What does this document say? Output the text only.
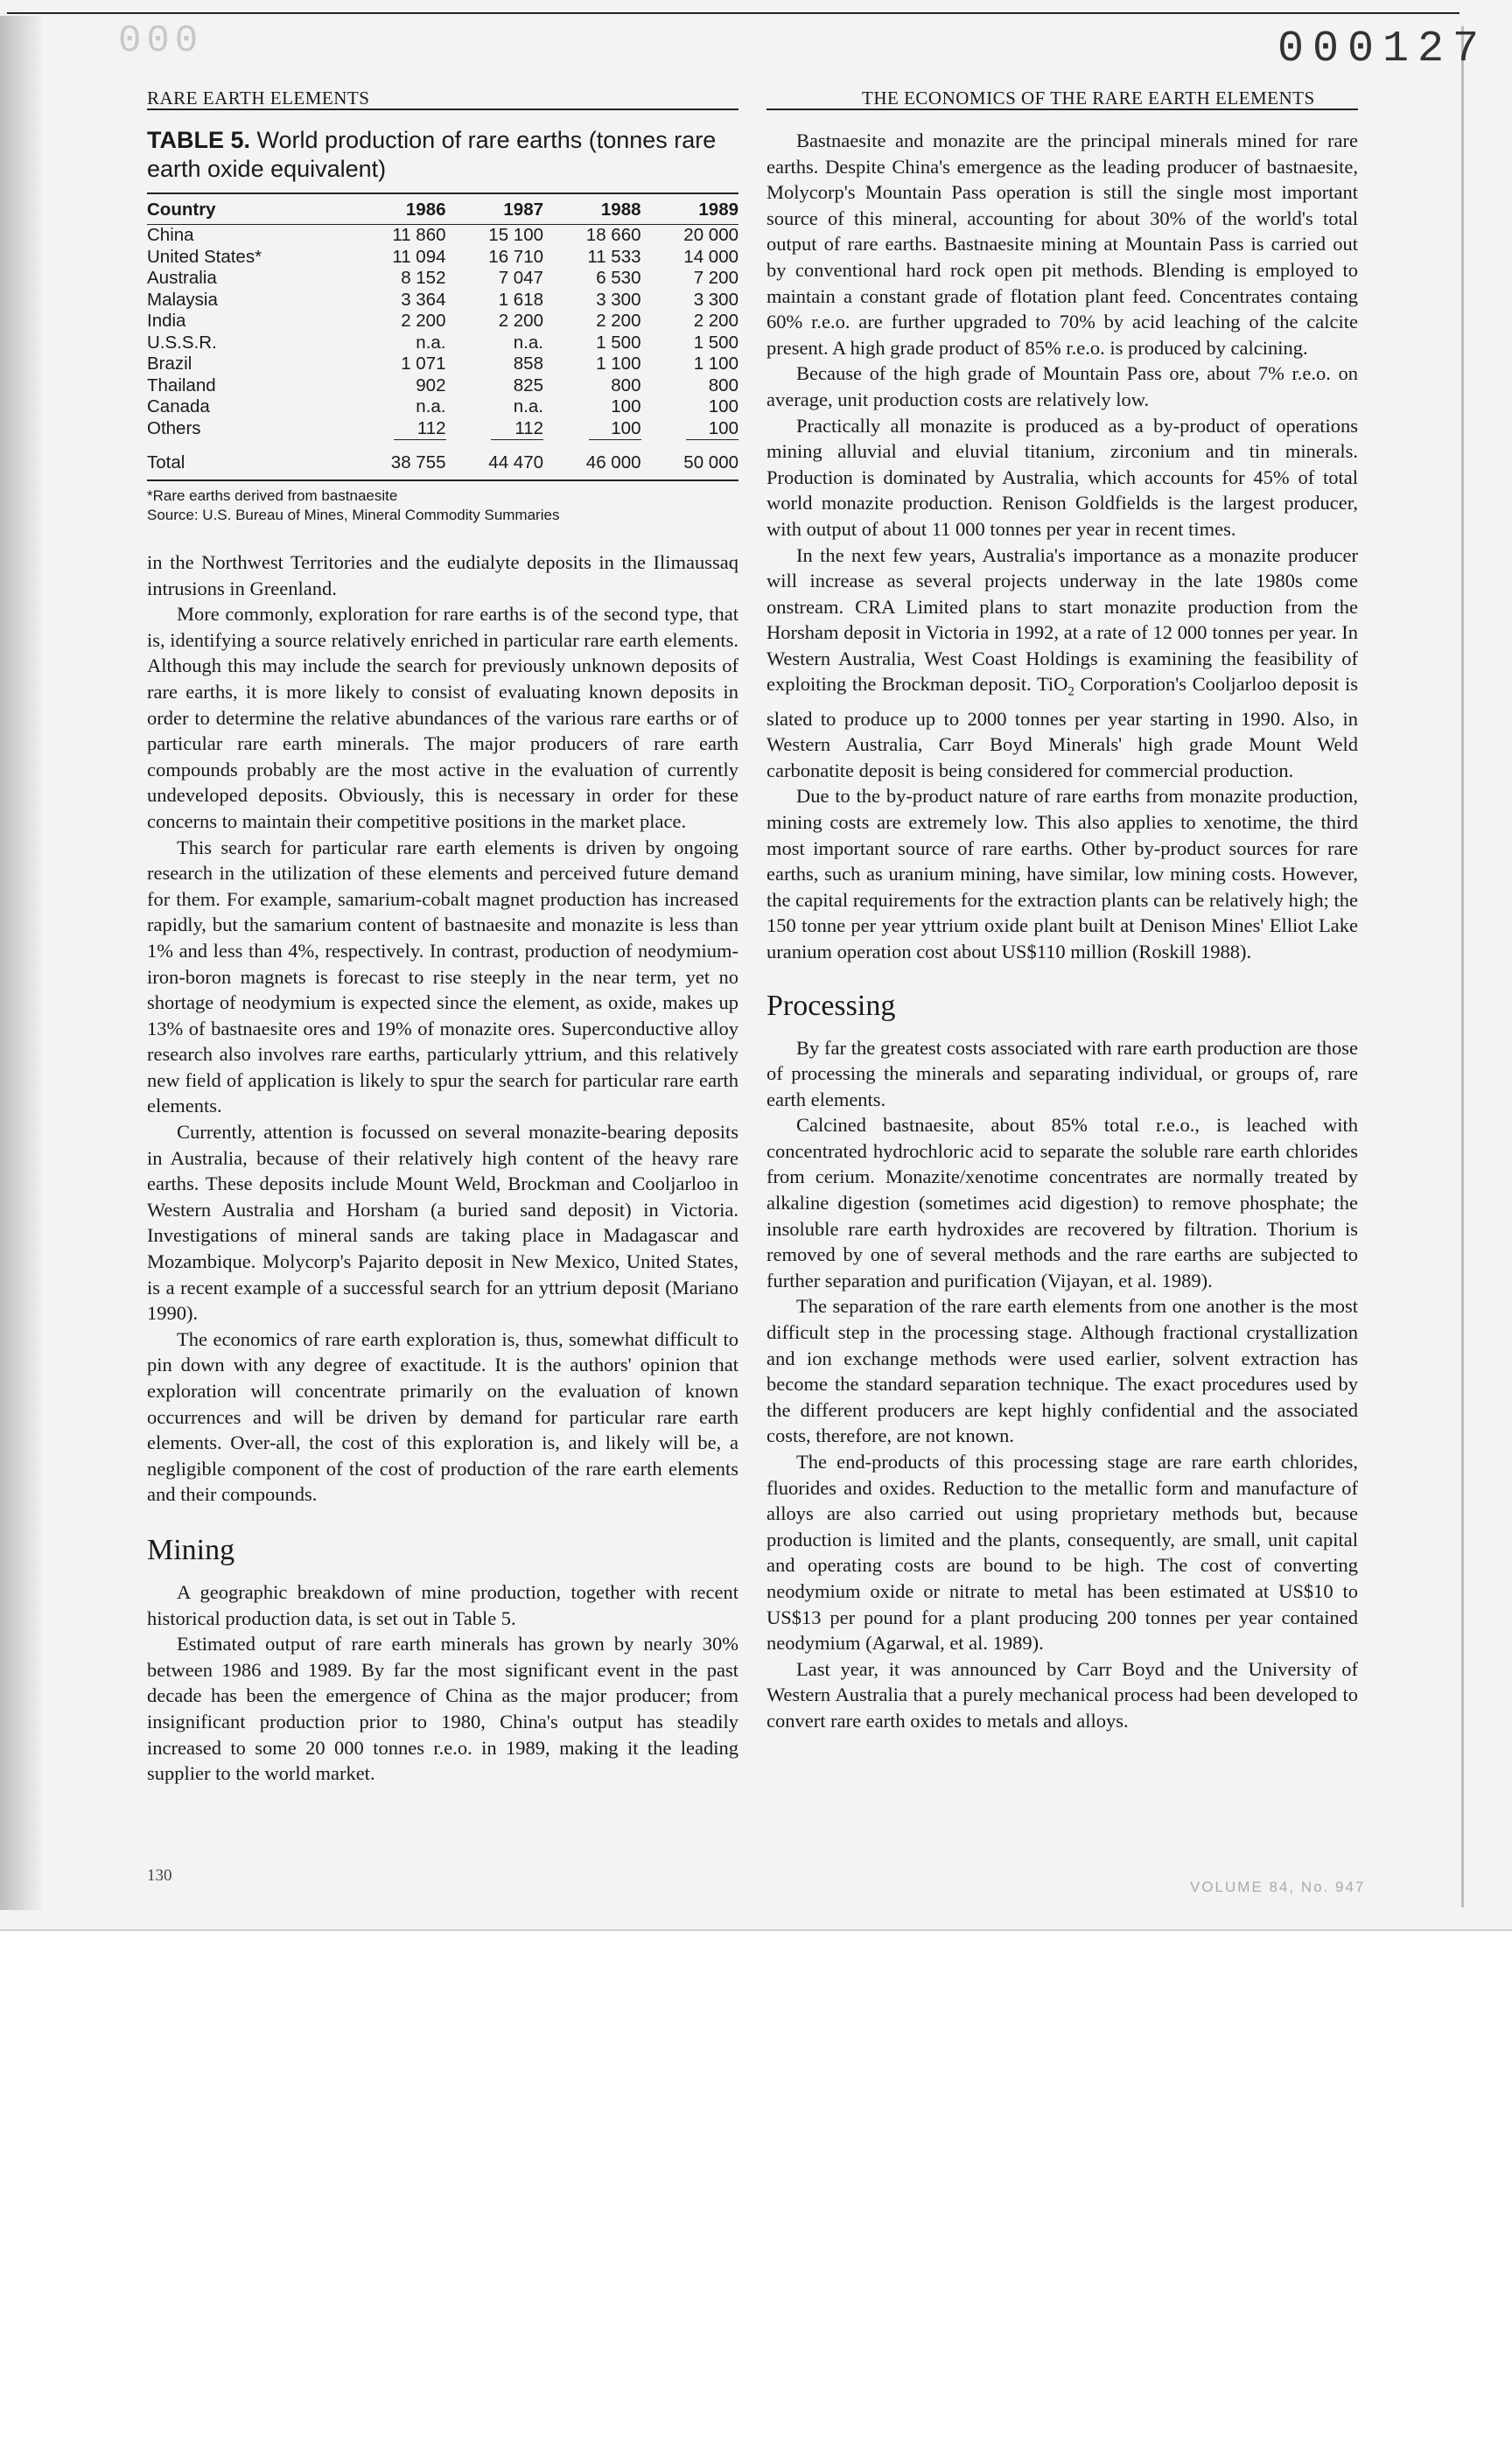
000	000127
RARE EARTH ELEMENTS	THE ECONOMICS OF THE RARE EARTH ELEMENTS
TABLE 5. World production of rare earths (tonnes rare earth oxide equivalent)
Country	1986	1987	1988	1989
China	11 860	15 100	18 660	20 000
United States*	11 094	16 710	11 533	14 000
Australia	8 152	7 047	6 530	7 200
Malaysia	3 364	1 618	3 300	3 300
India	2 200	2 200	2 200	2 200
U.S.S.R.	n.a.	n.a.	1 500	1 500
Brazil	1 071	858	1 100	1 100
Thailand	902	825	800	800
Canada	n.a.	n.a.	100	100
Others	112	112	100	100
Total	38 755	44 470	46 000	50 000
*Rare earths derived from bastnaesite
Source: U.S. Bureau of Mines, Mineral Commodity Summaries

in the Northwest Territories and the eudialyte deposits in the Ilimaussaq intrusions in Greenland.

More commonly, exploration for rare earths is of the second type, that is, identifying a source relatively enriched in particular rare earth elements. Although this may include the search for previously unknown deposits of rare earths, it is more likely to consist of evaluating known deposits in order to determine the relative abundances of the various rare earths or of particular rare earth minerals. The major producers of rare earth compounds probably are the most active in the evaluation of currently undeveloped deposits. Obviously, this is necessary in order for these concerns to maintain their competitive positions in the market place.

This search for particular rare earth elements is driven by ongoing research in the utilization of these elements and perceived future demand for them. For example, samarium-cobalt magnet production has increased rapidly, but the samarium content of bastnaesite and monazite is less than 1% and less than 4%, respectively. In contrast, production of neodymium-iron-boron magnets is forecast to rise steeply in the near term, yet no shortage of neodymium is expected since the element, as oxide, makes up 13% of bastnaesite ores and 19% of monazite ores. Superconductive alloy research also involves rare earths, particularly yttrium, and this relatively new field of application is likely to spur the search for particular rare earth elements.

Currently, attention is focussed on several monazite-bearing deposits in Australia, because of their relatively high content of the heavy rare earths. These deposits include Mount Weld, Brockman and Cooljarloo in Western Australia and Horsham (a buried sand deposit) in Victoria. Investigations of mineral sands are taking place in Madagascar and Mozambique. Molycorp's Pajarito deposit in New Mexico, United States, is a recent example of a successful search for an yttrium deposit (Mariano 1990).

The economics of rare earth exploration is, thus, somewhat difficult to pin down with any degree of exactitude. It is the authors' opinion that exploration will concentrate primarily on the evaluation of known occurrences and will be driven by demand for particular rare earth elements. Over-all, the cost of this exploration is, and likely will be, a negligible component of the cost of production of the rare earth elements and their compounds.

Mining

A geographic breakdown of mine production, together with recent historical production data, is set out in Table 5.

Estimated output of rare earth minerals has grown by nearly 30% between 1986 and 1989. By far the most significant event in the past decade has been the emergence of China as the major producer; from insignificant production prior to 1980, China's output has steadily increased to some 20 000 tonnes r.e.o. in 1989, making it the leading supplier to the world market.

Bastnaesite and monazite are the principal minerals mined for rare earths. Despite China's emergence as the leading producer of bastnaesite, Molycorp's Mountain Pass operation is still the single most important source of this mineral, accounting for about 30% of the world's total output of rare earths. Bastnaesite mining at Mountain Pass is carried out by conventional hard rock open pit methods. Blending is employed to maintain a constant grade of flotation plant feed. Concentrates containg 60% r.e.o. are further upgraded to 70% by acid leaching of the calcite present. A high grade product of 85% r.e.o. is produced by calcining.

Because of the high grade of Mountain Pass ore, about 7% r.e.o. on average, unit production costs are relatively low.

Practically all monazite is produced as a by-product of operations mining alluvial and eluvial titanium, zirconium and tin minerals. Production is dominated by Australia, which accounts for 45% of total world monazite production. Renison Goldfields is the largest producer, with output of about 11 000 tonnes per year in recent times.

In the next few years, Australia's importance as a monazite producer will increase as several projects underway in the late 1980s come onstream. CRA Limited plans to start monazite production from the Horsham deposit in Victoria in 1992, at a rate of 12 000 tonnes per year. In Western Australia, West Coast Holdings is examining the feasibility of exploiting the Brockman deposit. TiO$_2$ Corporation's Cooljarloo deposit is slated to produce up to 2000 tonnes per year starting in 1990. Also, in Western Australia, Carr Boyd Minerals' high grade Mount Weld carbonatite deposit is being considered for commercial production.

Due to the by-product nature of rare earths from monazite production, mining costs are extremely low. This also applies to xenotime, the third most important source of rare earths. Other by-product sources for rare earths, such as uranium mining, have similar, low mining costs. However, the capital requirements for the extraction plants can be relatively high; the 150 tonne per year yttrium oxide plant built at Denison Mines' Elliot Lake uranium operation cost about US$110 million (Roskill 1988).

Processing

By far the greatest costs associated with rare earth production are those of processing the minerals and separating individual, or groups of, rare earth elements.

Calcined bastnaesite, about 85% total r.e.o., is leached with concentrated hydrochloric acid to separate the soluble rare earth chlorides from cerium. Monazite/xenotime concentrates are normally treated by alkaline digestion (sometimes acid digestion) to remove phosphate; the insoluble rare earth hydroxides are recovered by filtration. Thorium is removed by one of several methods and the rare earths are subjected to further separation and purification (Vijayan, et al. 1989).

The separation of the rare earth elements from one another is the most difficult step in the processing stage. Although fractional crystallization and ion exchange methods were used earlier, solvent extraction has become the standard separation technique. The exact procedures used by the different producers are kept highly confidential and the associated costs, therefore, are not known.

The end-products of this processing stage are rare earth chlorides, fluorides and oxides. Reduction to the metallic form and manufacture of alloys are also carried out using proprietary methods but, because production is limited and the plants, consequently, are small, unit capital and operating costs are bound to be high. The cost of converting neodymium oxide or nitrate to metal has been estimated at US$10 to US$13 per pound for a plant producing 200 tonnes per year contained neodymium (Agarwal, et al. 1989).

Last year, it was announced by Carr Boyd and the University of Western Australia that a purely mechanical process had been developed to convert rare earth oxides to metals and alloys.

130
VOLUME 84, No. 947
